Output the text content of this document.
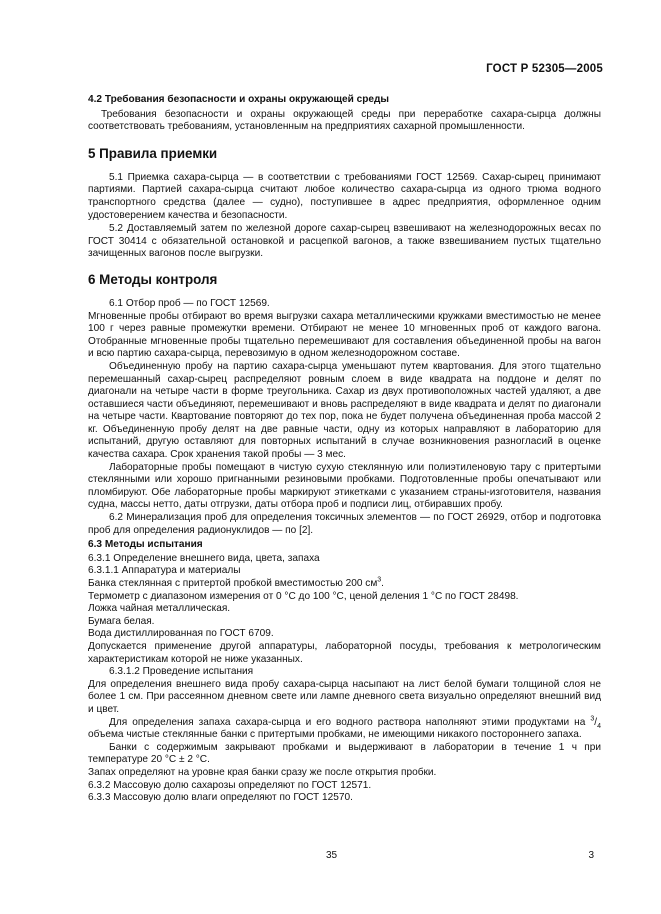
ГОСТ Р 52305—2005
4.2 Требования безопасности и охраны окружающей среды

Требования безопасности и охраны окружающей среды при переработке сахара-сырца должны соответствовать требованиям, установленным на предприятиях сахарной промышленности.

5 Правила приемки

5.1 Приемка сахара-сырца — в соответствии с требованиями ГОСТ 12569. Сахар-сырец принимают партиями. Партией сахара-сырца считают любое количество сахара-сырца из одного трюма водного транспортного средства (далее — судно), поступившее в адрес предприятия, оформленное одним удостоверением качества и безопасности.

5.2 Доставляемый затем по железной дороге сахар-сырец взвешивают на железнодорожных весах по ГОСТ 30414 с обязательной остановкой и расцепкой вагонов, а также взвешиванием пустых тщательно зачищенных вагонов после выгрузки.

6 Методы контроля

6.1 Отбор проб — по ГОСТ 12569.

Мгновенные пробы отбирают во время выгрузки сахара металлическими кружками вместимостью не менее 100 г через равные промежутки времени. Отбирают не менее 10 мгновенных проб от каждого вагона. Отобранные мгновенные пробы тщательно перемешивают для составления объединенной пробы на вагон и всю партию сахара-сырца, перевозимую в одном железнодорожном составе.

Объединенную пробу на партию сахара-сырца уменьшают путем квартования. Для этого тщательно перемешанный сахар-сырец распределяют ровным слоем в виде квадрата на поддоне и делят по диагонали на четыре части в форме треугольника. Сахар из двух противоположных частей удаляют, а две оставшиеся части объединяют, перемешивают и вновь распределяют в виде квадрата и делят по диагонали на четыре части. Квартование повторяют до тех пор, пока не будет получена объединенная проба массой 2 кг. Объединенную пробу делят на две равные части, одну из которых направляют в лабораторию для испытаний, другую оставляют для повторных испытаний в случае возникновения разногласий в оценке качества сахара. Срок хранения такой пробы — 3 мес.

Лабораторные пробы помещают в чистую сухую стеклянную или полиэтиленовую тару с притертыми стеклянными или хорошо пригнанными резиновыми пробками. Подготовленные пробы опечатывают или пломбируют. Обе лабораторные пробы маркируют этикетками с указанием страны-изготовителя, названия судна, массы нетто, даты отгрузки, даты отбора проб и подписи лиц, отбиравших пробу.

6.2 Минерализация проб для определения токсичных элементов — по ГОСТ 26929, отбор и подготовка проб для определения радионуклидов — по [2].

6.3 Методы испытания

6.3.1 Определение внешнего вида, цвета, запаха

6.3.1.1 Аппаратура и материалы

Банка стеклянная с притертой пробкой вместимостью 200 $см^3$.

Термометр с диапазоном измерения от 0 °С до 100 °С, ценой деления 1 °С по ГОСТ 28498.

Ложка чайная металлическая.

Бумага белая.

Вода дистиллированная по ГОСТ 6709.

Допускается применение другой аппаратуры, лабораторной посуды, требования к метрологическим характеристикам которой не ниже указанных.

6.3.1.2 Проведение испытания

Для определения внешнего вида пробу сахара-сырца насыпают на лист белой бумаги толщиной слоя не более 1 см. При рассеянном дневном свете или лампе дневного света визуально определяют внешний вид и цвет.

Для определения запаха сахара-сырца и его водного раствора наполняют этими продуктами на $^3/_4$ объема чистые стеклянные банки с притертыми пробками, не имеющими никакого постороннего запаха.

Банки с содержимым закрывают пробками и выдерживают в лаборатории в течение 1 ч при температуре 20 °С ± 2 °С.

Запах определяют на уровне края банки сразу же после открытия пробки.

6.3.2 Массовую долю сахарозы определяют по ГОСТ 12571.

6.3.3 Массовую долю влаги определяют по ГОСТ 12570.

35	3
